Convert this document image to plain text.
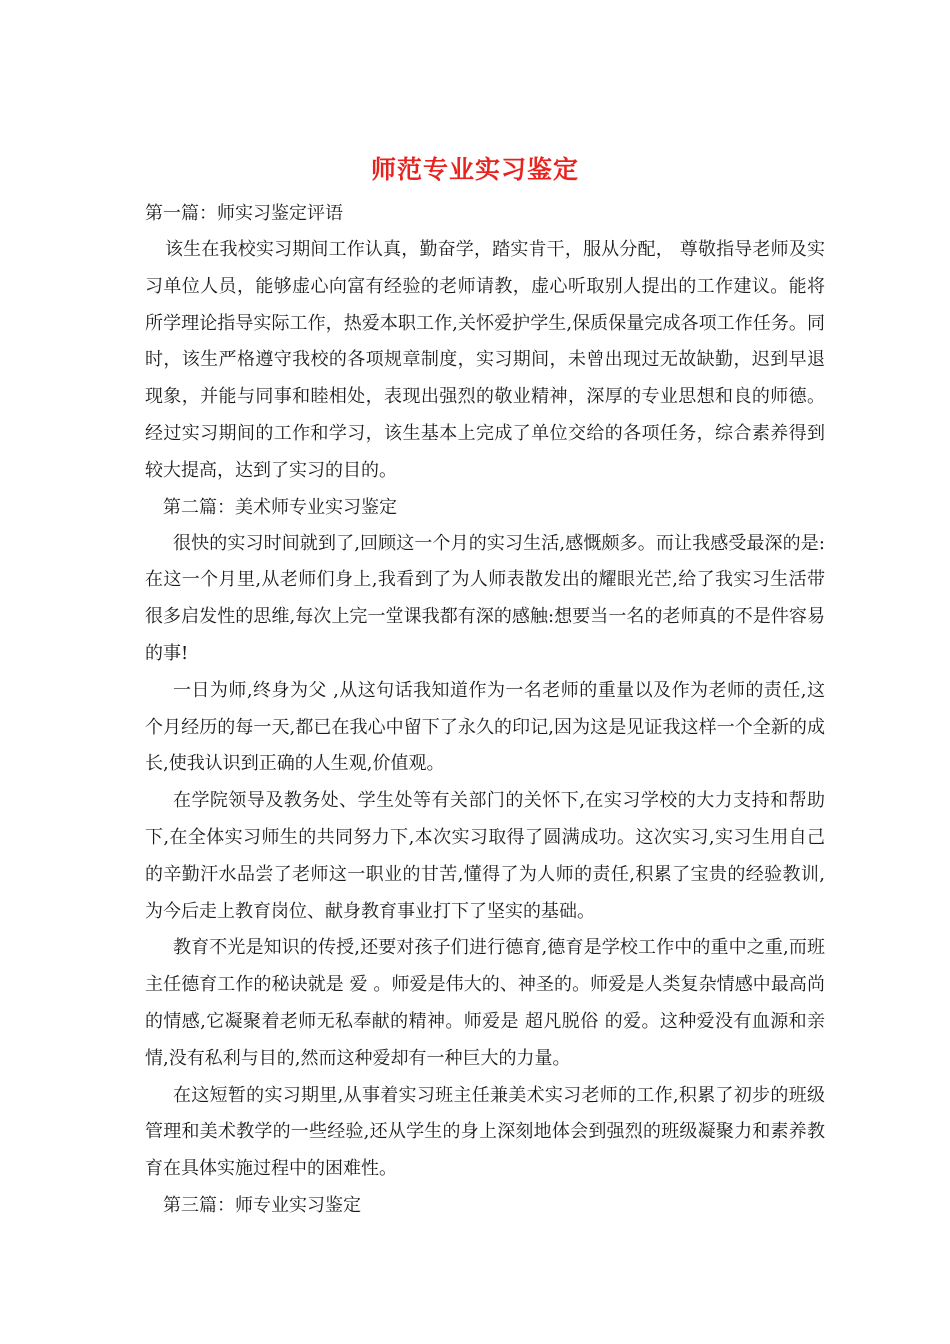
师范专业实习鉴定

第一篇：师实习鉴定评语

该生在我校实习期间工作认真，勤奋学，踏实肯干，服从分配， 尊敬指导老师及实习单位人员，能够虚心向富有经验的老师请教，虚心听取别人提出的工作建议。能将所学理论指导实际工作，热爱本职工作,关怀爱护学生,保质保量完成各项工作任务。同时，该生严格遵守我校的各项规章制度，实习期间，未曾出现过无故缺勤，迟到早退现象，并能与同事和睦相处，表现出强烈的敬业精神，深厚的专业思想和良的师德。经过实习期间的工作和学习，该生基本上完成了单位交给的各项任务，综合素养得到较大提高，达到了实习的目的。

第二篇：美术师专业实习鉴定

很快的实习时间就到了,回顾这一个月的实习生活,感慨颇多。而让我感受最深的是:在这一个月里,从老师们身上,我看到了为人师表散发出的耀眼光芒,给了我实习生活带很多启发性的思维,每次上完一堂课我都有深的感触:想要当一名的老师真的不是件容易的事!

一日为师,终身为父 ,从这句话我知道作为一名老师的重量以及作为老师的责任,这个月经历的每一天,都已在我心中留下了永久的印记,因为这是见证我这样一个全新的成长,使我认识到正确的人生观,价值观。

在学院领导及教务处、学生处等有关部门的关怀下,在实习学校的大力支持和帮助下,在全体实习师生的共同努力下,本次实习取得了圆满成功。这次实习,实习生用自己的辛勤汗水品尝了老师这一职业的甘苦,懂得了为人师的责任,积累了宝贵的经验教训,为今后走上教育岗位、献身教育事业打下了坚实的基础。

教育不光是知识的传授,还要对孩子们进行德育,德育是学校工作中的重中之重,而班主任德育工作的秘诀就是 爱 。师爱是伟大的、神圣的。师爱是人类复杂情感中最高尚的情感,它凝聚着老师无私奉献的精神。师爱是 超凡脱俗 的爱。这种爱没有血源和亲情,没有私利与目的,然而这种爱却有一种巨大的力量。

在这短暂的实习期里,从事着实习班主任兼美术实习老师的工作,积累了初步的班级管理和美术教学的一些经验,还从学生的身上深刻地体会到强烈的班级凝聚力和素养教育在具体实施过程中的困难性。

第三篇：师专业实习鉴定
